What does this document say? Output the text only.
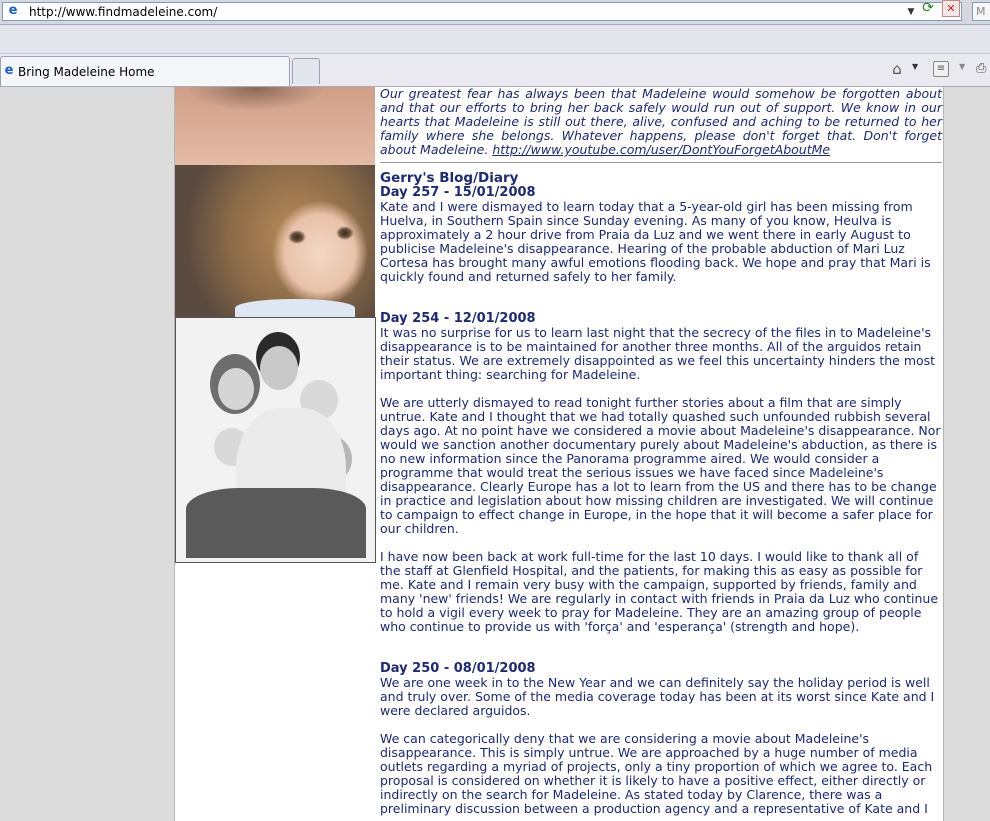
e http://www.findmadeleine.com/	▼ ⟳	✕	M
e Bring Madeleine Home	⌂	▼	≡	▼ ⎙

Our greatest fear has always been that Madeleine would somehow be forgotten about and that our efforts to bring her back safely would run out of support. We know in our hearts that Madeleine is still out there, alive, confused and aching to be returned to her family where she belongs. Whatever happens, please don't forget that. Don't forget about Madeleine. http://www.youtube.com/user/DontYouForgetAboutMe

Gerry's Blog/Diary

Day 257 - 15/01/2008

Kate and I were dismayed to learn today that a 5-year-old girl has been missing from Huelva, in Southern Spain since Sunday evening. As many of you know, Heulva is approximately a 2 hour drive from Praia da Luz and we went there in early August to publicise Madeleine's disappearance. Hearing of the probable abduction of Mari Luz Cortesa has brought many awful emotions flooding back. We hope and pray that Mari is quickly found and returned safely to her family.

Day 254 - 12/01/2008

It was no surprise for us to learn last night that the secrecy of the files in to Madeleine's disappearance is to be maintained for another three months. All of the arguidos retain their status. We are extremely disappointed as we feel this uncertainty hinders the most important thing: searching for Madeleine.

We are utterly dismayed to read tonight further stories about a film that are simply untrue. Kate and I thought that we had totally quashed such unfounded rubbish several days ago. At no point have we considered a movie about Madeleine's disappearance. Nor would we sanction another documentary purely about Madeleine's abduction, as there is no new information since the Panorama programme aired. We would consider a programme that would treat the serious issues we have faced since Madeleine's disappearance. Clearly Europe has a lot to learn from the US and there has to be change in practice and legislation about how missing children are investigated. We will continue to campaign to effect change in Europe, in the hope that it will become a safer place for our children.

I have now been back at work full-time for the last 10 days. I would like to thank all of the staff at Glenfield Hospital, and the patients, for making this as easy as possible for me. Kate and I remain very busy with the campaign, supported by friends, family and many 'new' friends! We are regularly in contact with friends in Praia da Luz who continue to hold a vigil every week to pray for Madeleine. They are an amazing group of people who continue to provide us with 'força' and 'esperança' (strength and hope).

Day 250 - 08/01/2008

We are one week in to the New Year and we can definitely say the holiday period is well and truly over. Some of the media coverage today has been at its worst since Kate and I were declared arguidos.

We can categorically deny that we are considering a movie about Madeleine's disappearance. This is simply untrue. We are approached by a huge number of media outlets regarding a myriad of projects, only a tiny proportion of which we agree to. Each proposal is considered on whether it is likely to have a positive effect, either directly or indirectly on the search for Madeleine. As stated today by Clarence, there was a preliminary discussion between a production agency and a representative of Kate and I
